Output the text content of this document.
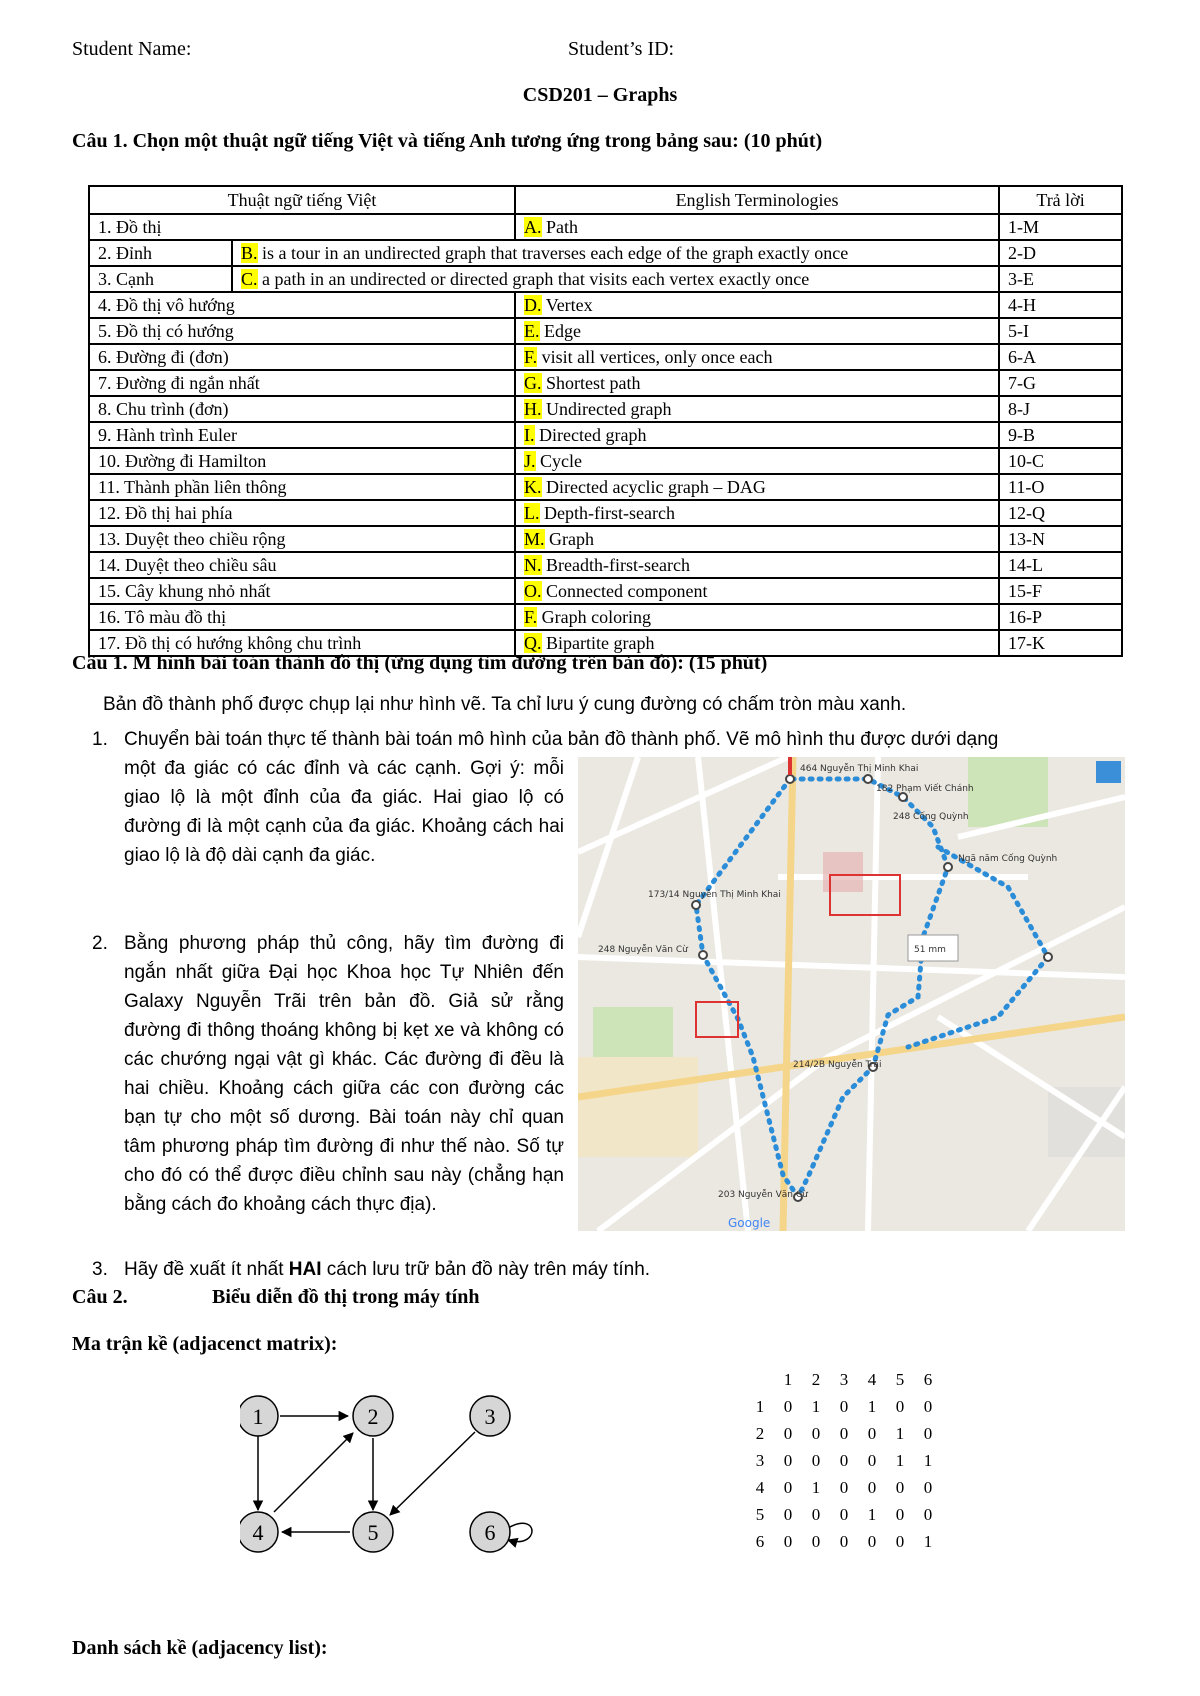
Student Name:	Student’s ID:
CSD201 – Graphs
Câu 1. Chọn một thuật ngữ tiếng Việt và tiếng Anh tương ứng trong bảng sau: (10 phút)
Thuật ngữ tiếng Việt		English Terminologies	Trả lời
1. Đồ thị		A. Path	1-M
2. Đỉnh	B. is a tour in an undirected graph that traverses each edge of the graph exactly once		2-D
3. Cạnh	C. a path in an undirected or directed graph that visits each vertex exactly once		3-E
4. Đồ thị vô hướng		D. Vertex	4-H
5. Đồ thị có hướng		E. Edge	5-I
6. Đường đi (đơn)		F. visit all vertices, only once each	6-A
7. Đường đi ngắn nhất		G. Shortest path	7-G
8. Chu trình (đơn)		H. Undirected graph	8-J
9. Hành trình Euler		I. Directed graph	9-B
10. Đường đi Hamilton		J. Cycle	10-C
11. Thành phần liên thông		K. Directed acyclic graph – DAG	11-O
12. Đồ thị hai phía		L. Depth-first-search	12-Q
13. Duyệt theo chiều rộng		M. Graph	13-N
14. Duyệt theo chiều sâu		N. Breadth-first-search	14-L
15. Cây khung nhỏ nhất		O. Connected component	15-F
16. Tô màu đồ thị		F. Graph coloring	16-P
17. Đồ thị có hướng không chu trình		Q. Bipartite graph	17-K
Câu 1. M hình bài toán thành đồ thị (ứng dụng tìm đường trên bản đồ): (15 phút)
Bản đồ thành phố được chụp lại như hình vẽ. Ta chỉ lưu ý cung đường có chấm tròn màu xanh.
1. Chuyển bài toán thực tế thành bài toán mô hình của bản đồ thành phố. Vẽ mô hình thu được dưới dạng
một đa giác có các đỉnh và các cạnh. Gợi ý: mỗi giao lộ là một đỉnh của đa giác. Hai giao lộ có đường đi là một cạnh của đa giác. Khoảng cách hai giao lộ là độ dài cạnh đa giác.
2. Bằng phương pháp thủ công, hãy tìm đường đi ngắn nhất giữa Đại học Khoa học Tự Nhiên đến Galaxy Nguyễn Trãi trên bản đồ. Giả sử rằng đường đi thông thoáng không bị kẹt xe và không có các chướng ngại vật gì khác. Các đường đi đều là hai chiều. Khoảng cách giữa các con đường các bạn tự cho một số dương. Bài toán này chỉ quan tâm phương pháp tìm đường đi như thế nào. Số tự cho đó có thể được điều chỉnh sau này (chẳng hạn bằng cách đo khoảng cách thực địa).
3. Hãy đề xuất ít nhất HAI cách lưu trữ bản đồ này trên máy tính.
464 Nguyễn Thị Minh Khai
182 Phạm Viết Chánh
248 Cống Quỳnh
Ngã năm Cống Quỳnh
173/14 Nguyễn Thị Minh Khai
248 Nguyễn Văn Cừ	51 mm
214/2B Nguyễn Trãi
203 Nguyễn Văn Cừ
Google
Câu 2.	Biểu diễn đồ thị trong máy tính
Ma trận kề (adjacenct matrix):
1	2	3
4	5	6
	1	2	3	4	5	6
1	0	1	0	1	0	0
2	0	0	0	0	1	0
3	0	0	0	0	1	1
4	0	1	0	0	0	0
5	0	0	0	1	0	0
6	0	0	0	0	0	1
Danh sách kề (adjacency list):
